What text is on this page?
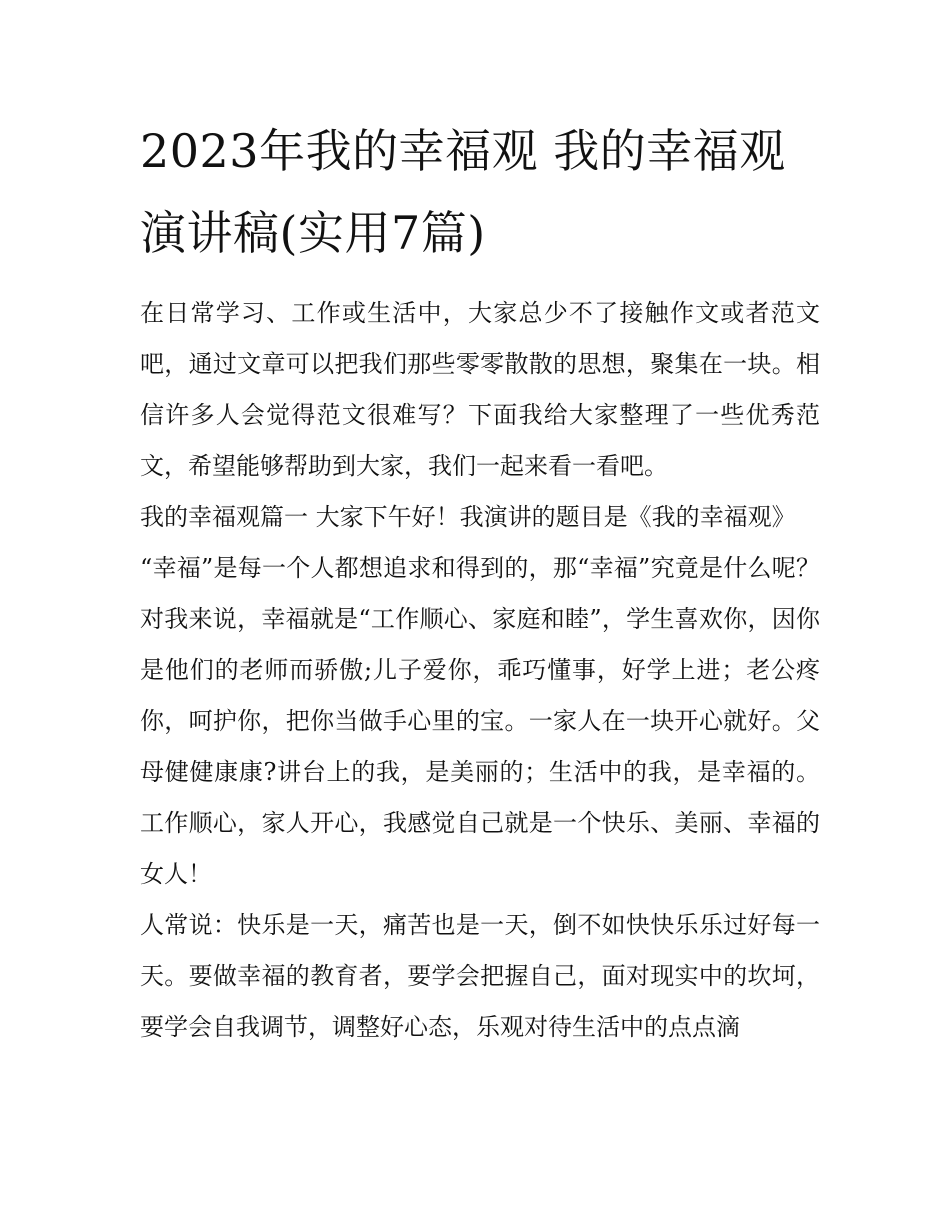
2023年我的幸福观 我的幸福观演讲稿(实用7篇)

在日常学习、工作或生活中，大家总少不了接触作文或者范文吧，通过文章可以把我们那些零零散散的思想，聚集在一块。相信许多人会觉得范文很难写？下面我给大家整理了一些优秀范文，希望能够帮助到大家，我们一起来看一看吧。

我的幸福观篇一 大家下午好！我演讲的题目是《我的幸福观》

“幸福”是每一个人都想追求和得到的，那“幸福”究竟是什么呢？对我来说，幸福就是“工作顺心、家庭和睦”，学生喜欢你，因你是他们的老师而骄傲;儿子爱你，乖巧懂事，好学上进；老公疼你，呵护你，把你当做手心里的宝。一家人在一块开心就好。父母健健康康?讲台上的我，是美丽的；生活中的我，是幸福的。工作顺心，家人开心，我感觉自己就是一个快乐、美丽、幸福的女人！

人常说：快乐是一天，痛苦也是一天，倒不如快快乐乐过好每一天。要做幸福的教育者，要学会把握自己，面对现实中的坎坷，要学会自我调节，调整好心态，乐观对待生活中的点点滴
